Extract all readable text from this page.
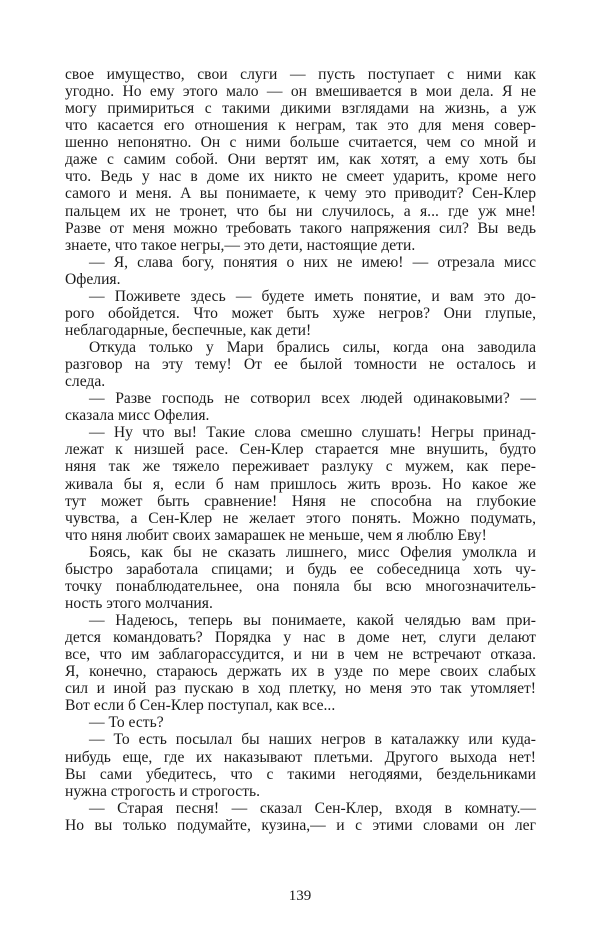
свое имущество, свои слуги — пусть поступает с ними как
угодно. Но ему этого мало — он вмешивается в мои дела. Я не
могу примириться с такими дикими взглядами на жизнь, а уж
что касается его отношения к неграм, так это для меня совер-
шенно непонятно. Он с ними больше считается, чем со мной и
даже с самим собой. Они вертят им, как хотят, а ему хоть бы
что. Ведь у нас в доме их никто не смеет ударить, кроме него
самого и меня. А вы понимаете, к чему это приводит? Сен-Клер
пальцем их не тронет, что бы ни случилось, а я... где уж мне!
Разве от меня можно требовать такого напряжения сил? Вы ведь
знаете, что такое негры,— это дети, настоящие дети.
— Я, слава богу, понятия о них не имею! — отрезала мисс
Офелия.
— Поживете здесь — будете иметь понятие, и вам это до-
рого обойдется. Что может быть хуже негров? Они глупые,
неблагодарные, беспечные, как дети!
Откуда только у Мари брались силы, когда она заводила
разговор на эту тему! От ее былой томности не осталось и
следа.
— Разве господь не сотворил всех людей одинаковыми? —
сказала мисс Офелия.
— Ну что вы! Такие слова смешно слушать! Негры принад-
лежат к низшей расе. Сен-Клер старается мне внушить, будто
няня так же тяжело переживает разлуку с мужем, как пере-
живала бы я, если б нам пришлось жить врозь. Но какое же
тут может быть сравнение! Няня не способна на глубокие
чувства, а Сен-Клер не желает этого понять. Можно подумать,
что няня любит своих замарашек не меньше, чем я люблю Еву!
Боясь, как бы не сказать лишнего, мисс Офелия умолкла и
быстро заработала спицами; и будь ее собеседница хоть чу-
точку понаблюдательнее, она поняла бы всю многозначитель-
ность этого молчания.
— Надеюсь, теперь вы понимаете, какой челядью вам при-
дется командовать? Порядка у нас в доме нет, слуги делают
все, что им заблагорассудится, и ни в чем не встречают отказа.
Я, конечно, стараюсь держать их в узде по мере своих слабых
сил и иной раз пускаю в ход плетку, но меня это так утомляет!
Вот если б Сен-Клер поступал, как все...
— То есть?
— То есть посылал бы наших негров в каталажку или куда-
нибудь еще, где их наказывают плетьми. Другого выхода нет!
Вы сами убедитесь, что с такими негодяями, бездельниками
нужна строгость и строгость.
— Старая песня! — сказал Сен-Клер, входя в комнату.—
Но вы только подумайте, кузина,— и с этими словами он лег
139
